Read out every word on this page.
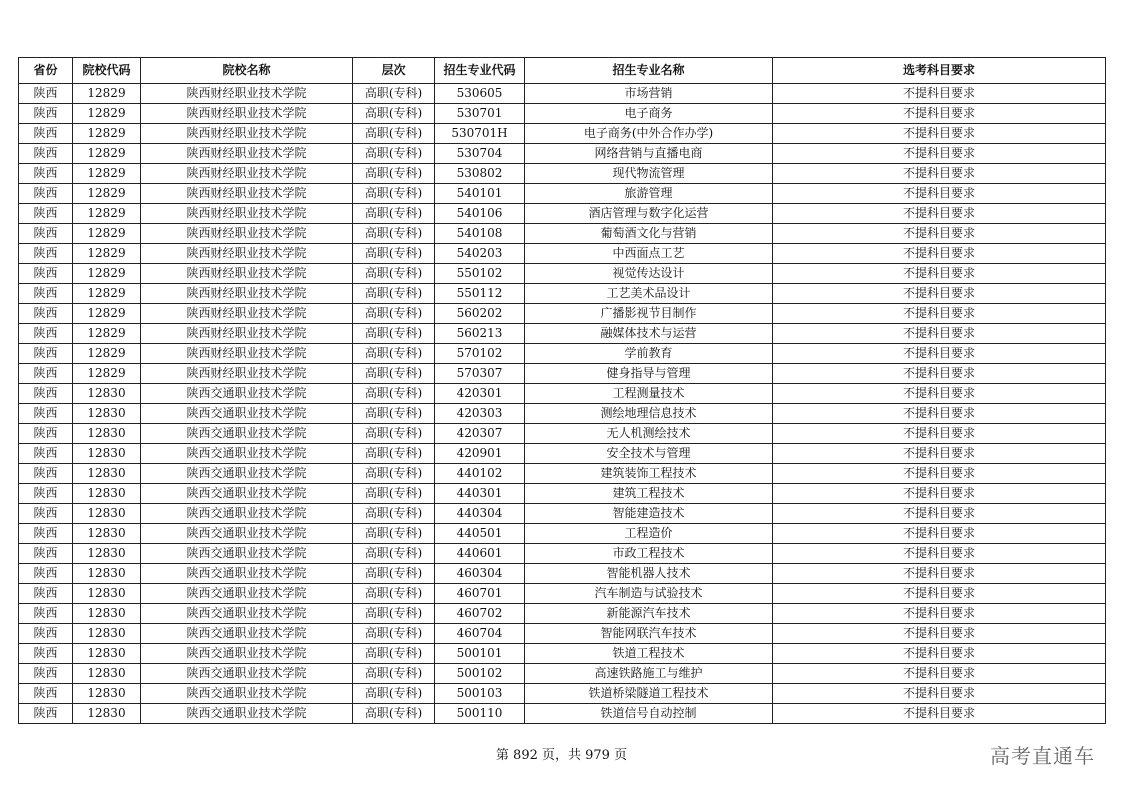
省份	院校代码	院校名称	层次	招生专业代码	招生专业名称	选考科目要求
陕西	12829	陕西财经职业技术学院	高职(专科)	530605	市场营销	不提科目要求
陕西	12829	陕西财经职业技术学院	高职(专科)	530701	电子商务	不提科目要求
陕西	12829	陕西财经职业技术学院	高职(专科)	530701H	电子商务(中外合作办学)	不提科目要求
陕西	12829	陕西财经职业技术学院	高职(专科)	530704	网络营销与直播电商	不提科目要求
陕西	12829	陕西财经职业技术学院	高职(专科)	530802	现代物流管理	不提科目要求
陕西	12829	陕西财经职业技术学院	高职(专科)	540101	旅游管理	不提科目要求
陕西	12829	陕西财经职业技术学院	高职(专科)	540106	酒店管理与数字化运营	不提科目要求
陕西	12829	陕西财经职业技术学院	高职(专科)	540108	葡萄酒文化与营销	不提科目要求
陕西	12829	陕西财经职业技术学院	高职(专科)	540203	中西面点工艺	不提科目要求
陕西	12829	陕西财经职业技术学院	高职(专科)	550102	视觉传达设计	不提科目要求
陕西	12829	陕西财经职业技术学院	高职(专科)	550112	工艺美术品设计	不提科目要求
陕西	12829	陕西财经职业技术学院	高职(专科)	560202	广播影视节目制作	不提科目要求
陕西	12829	陕西财经职业技术学院	高职(专科)	560213	融媒体技术与运营	不提科目要求
陕西	12829	陕西财经职业技术学院	高职(专科)	570102	学前教育	不提科目要求
陕西	12829	陕西财经职业技术学院	高职(专科)	570307	健身指导与管理	不提科目要求
陕西	12830	陕西交通职业技术学院	高职(专科)	420301	工程测量技术	不提科目要求
陕西	12830	陕西交通职业技术学院	高职(专科)	420303	测绘地理信息技术	不提科目要求
陕西	12830	陕西交通职业技术学院	高职(专科)	420307	无人机测绘技术	不提科目要求
陕西	12830	陕西交通职业技术学院	高职(专科)	420901	安全技术与管理	不提科目要求
陕西	12830	陕西交通职业技术学院	高职(专科)	440102	建筑装饰工程技术	不提科目要求
陕西	12830	陕西交通职业技术学院	高职(专科)	440301	建筑工程技术	不提科目要求
陕西	12830	陕西交通职业技术学院	高职(专科)	440304	智能建造技术	不提科目要求
陕西	12830	陕西交通职业技术学院	高职(专科)	440501	工程造价	不提科目要求
陕西	12830	陕西交通职业技术学院	高职(专科)	440601	市政工程技术	不提科目要求
陕西	12830	陕西交通职业技术学院	高职(专科)	460304	智能机器人技术	不提科目要求
陕西	12830	陕西交通职业技术学院	高职(专科)	460701	汽车制造与试验技术	不提科目要求
陕西	12830	陕西交通职业技术学院	高职(专科)	460702	新能源汽车技术	不提科目要求
陕西	12830	陕西交通职业技术学院	高职(专科)	460704	智能网联汽车技术	不提科目要求
陕西	12830	陕西交通职业技术学院	高职(专科)	500101	铁道工程技术	不提科目要求
陕西	12830	陕西交通职业技术学院	高职(专科)	500102	高速铁路施工与维护	不提科目要求
陕西	12830	陕西交通职业技术学院	高职(专科)	500103	铁道桥梁隧道工程技术	不提科目要求
陕西	12830	陕西交通职业技术学院	高职(专科)	500110	铁道信号自动控制	不提科目要求
第 892 页，共 979 页	高考直通车
